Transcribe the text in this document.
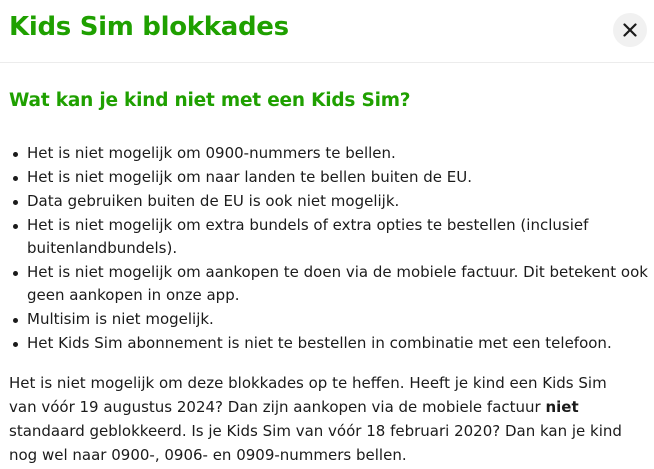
Kids Sim blokkades
Wat kan je kind niet met een Kids Sim?
Het is niet mogelijk om 0900-nummers te bellen.
Het is niet mogelijk om naar landen te bellen buiten de EU.
Data gebruiken buiten de EU is ook niet mogelijk.
Het is niet mogelijk om extra bundels of extra opties te bestellen (inclusief buitenlandbundels).
Het is niet mogelijk om aankopen te doen via de mobiele factuur. Dit betekent ook geen aankopen in onze app.
Multisim is niet mogelijk.
Het Kids Sim abonnement is niet te bestellen in combinatie met een telefoon.

Het is niet mogelijk om deze blokkades op te heffen. Heeft je kind een Kids Sim van vóór 19 augustus 2024? Dan zijn aankopen via de mobiele factuur niet standaard geblokkeerd. Is je Kids Sim van vóór 18 februari 2020? Dan kan je kind nog wel naar 0900-, 0906- en 0909-nummers bellen.
